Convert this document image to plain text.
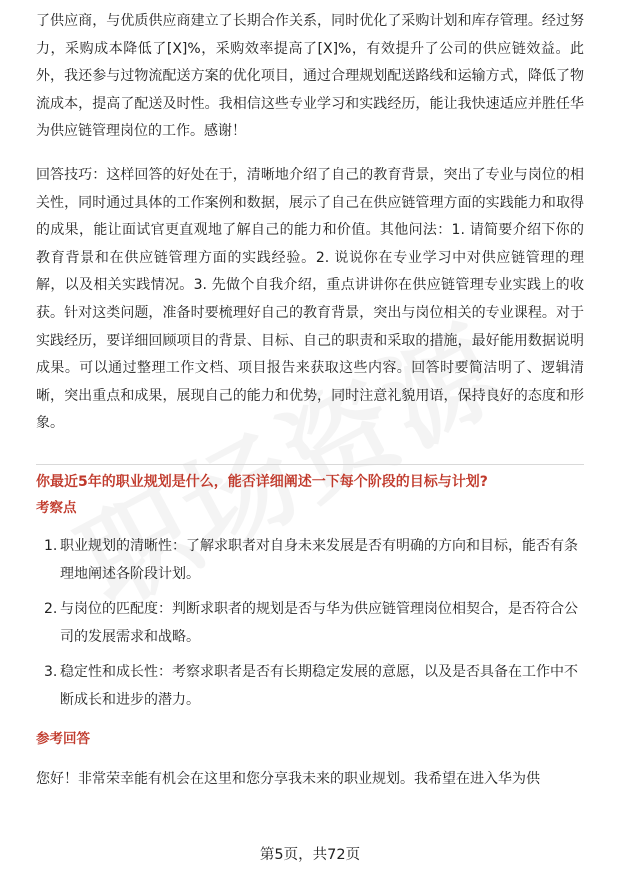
了供应商，与优质供应商建立了长期合作关系，同时优化了采购计划和库存管理。经过努力，采购成本降低了[X]%，采购效率提高了[X]%，有效提升了公司的供应链效益。此外，我还参与过物流配送方案的优化项目，通过合理规划配送路线和运输方式，降低了物流成本，提高了配送及时性。我相信这些专业学习和实践经历，能让我快速适应并胜任华为供应链管理岗位的工作。感谢！

回答技巧：这样回答的好处在于，清晰地介绍了自己的教育背景，突出了专业与岗位的相关性，同时通过具体的工作案例和数据，展示了自己在供应链管理方面的实践能力和取得的成果，能让面试官更直观地了解自己的能力和价值。其他问法：1. 请简要介绍下你的教育背景和在供应链管理方面的实践经验。2. 说说你在专业学习中对供应链管理的理解，以及相关实践情况。3. 先做个自我介绍，重点讲讲你在供应链管理专业实践上的收获。针对这类问题，准备时要梳理好自己的教育背景，突出与岗位相关的专业课程。对于实践经历，要详细回顾项目的背景、目标、自己的职责和采取的措施，最好能用数据说明成果。可以通过整理工作文档、项目报告来获取这些内容。回答时要简洁明了、逻辑清晰，突出重点和成果，展现自己的能力和优势，同时注意礼貌用语，保持良好的态度和形象。

你最近5年的职业规划是什么，能否详细阐述一下每个阶段的目标与计划?

考察点

1. 职业规划的清晰性：了解求职者对自身未来发展是否有明确的方向和目标，能否有条理地阐述各阶段计划。
2. 与岗位的匹配度：判断求职者的规划是否与华为供应链管理岗位相契合，是否符合公司的发展需求和战略。
3. 稳定性和成长性：考察求职者是否有长期稳定发展的意愿，以及是否具备在工作中不断成长和进步的潜力。

参考回答

您好！非常荣幸能有机会在这里和您分享我未来的职业规划。我希望在进入华为供

第5页，共72页
